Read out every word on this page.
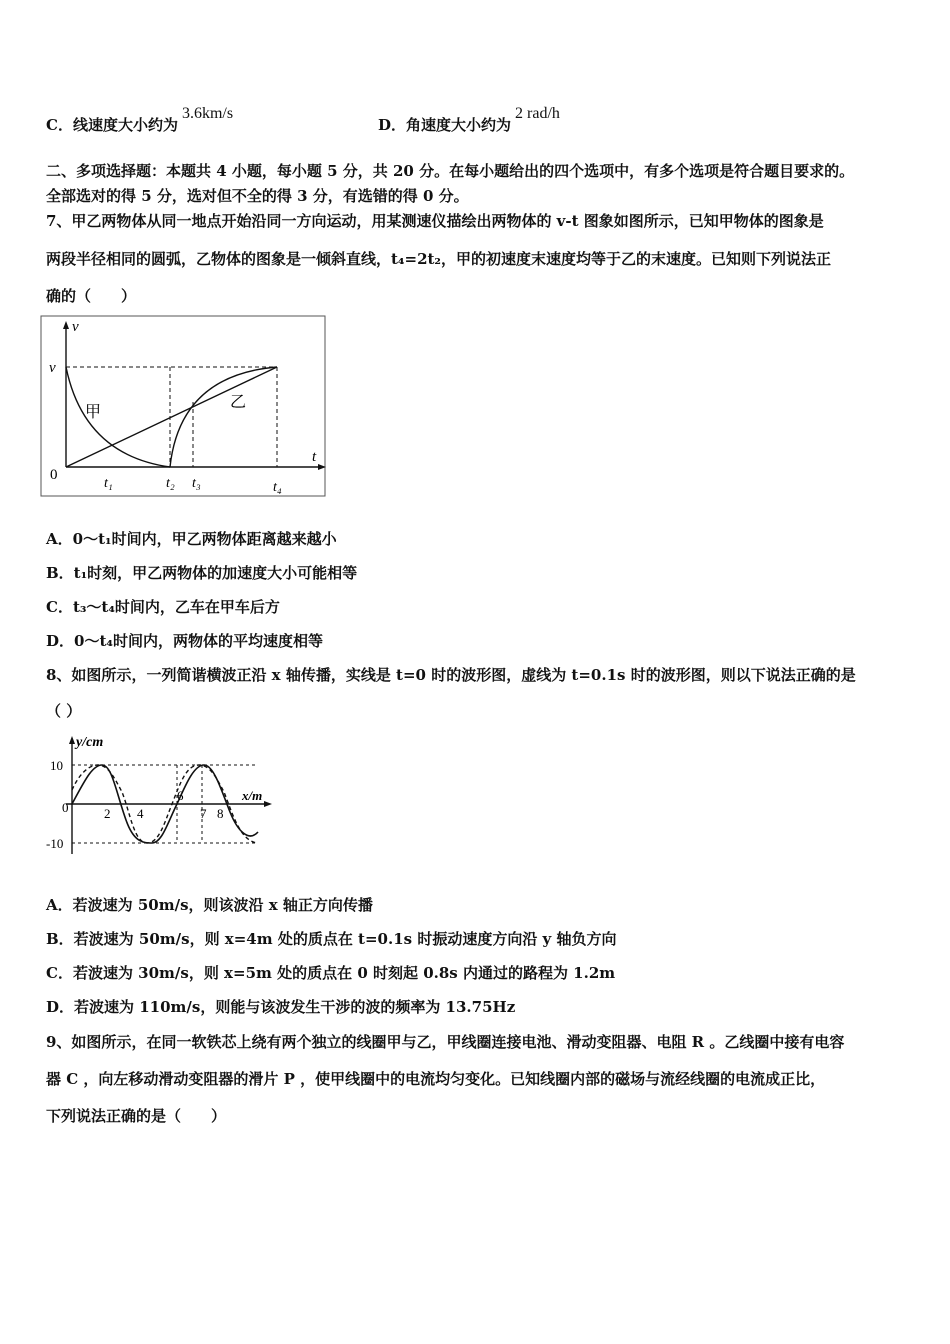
C．线速度大小约为3.6km/s
D．角速度大小约为2 rad/h
二、多项选择题：本题共 4 小题，每小题 5 分，共 20 分。在每小题给出的四个选项中，有多个选项是符合题目要求的。
全部选对的得 5 分，选对但不全的得 3 分，有选错的得 0 分。
7、甲乙两物体从同一地点开始沿同一方向运动，用某测速仪描绘出两物体的 v-t 图象如图所示，已知甲物体的图象是
两段半径相同的圆弧，乙物体的图象是一倾斜直线，t₄=2t₂，甲的初速度末速度均等于乙的末速度。已知则下列说法正
确的（　　）
v
v
0
t
甲
乙
t₁	t₂ t₃	t₄
A．0～t₁时间内，甲乙两物体距离越来越小
B．t₁时刻，甲乙两物体的加速度大小可能相等
C．t₃～t₄时间内，乙车在甲车后方
D．0～t₄时间内，两物体的平均速度相等
8、如图所示，一列简谐横波正沿 x 轴传播，实线是 t=0 时的波形图，虚线为 t=0.1s 时的波形图，则以下说法正确的是
（ ）
y/cm
x/m
10
-10
0	2 4
6
7 8
A．若波速为 50m/s，则该波沿 x 轴正方向传播
B．若波速为 50m/s，则 x=4m 处的质点在 t=0.1s 时振动速度方向沿 y 轴负方向
C．若波速为 30m/s，则 x=5m 处的质点在 0 时刻起 0.8s 内通过的路程为 1.2m
D．若波速为 110m/s，则能与该波发生干涉的波的频率为 13.75Hz
9、如图所示，在同一软铁芯上绕有两个独立的线圈甲与乙，甲线圈连接电池、滑动变阻器、电阻 R 。乙线圈中接有电容
器 C ，向左移动滑动变阻器的滑片 P ，使甲线圈中的电流均匀变化。已知线圈内部的磁场与流经线圈的电流成正比，
下列说法正确的是（　　）
